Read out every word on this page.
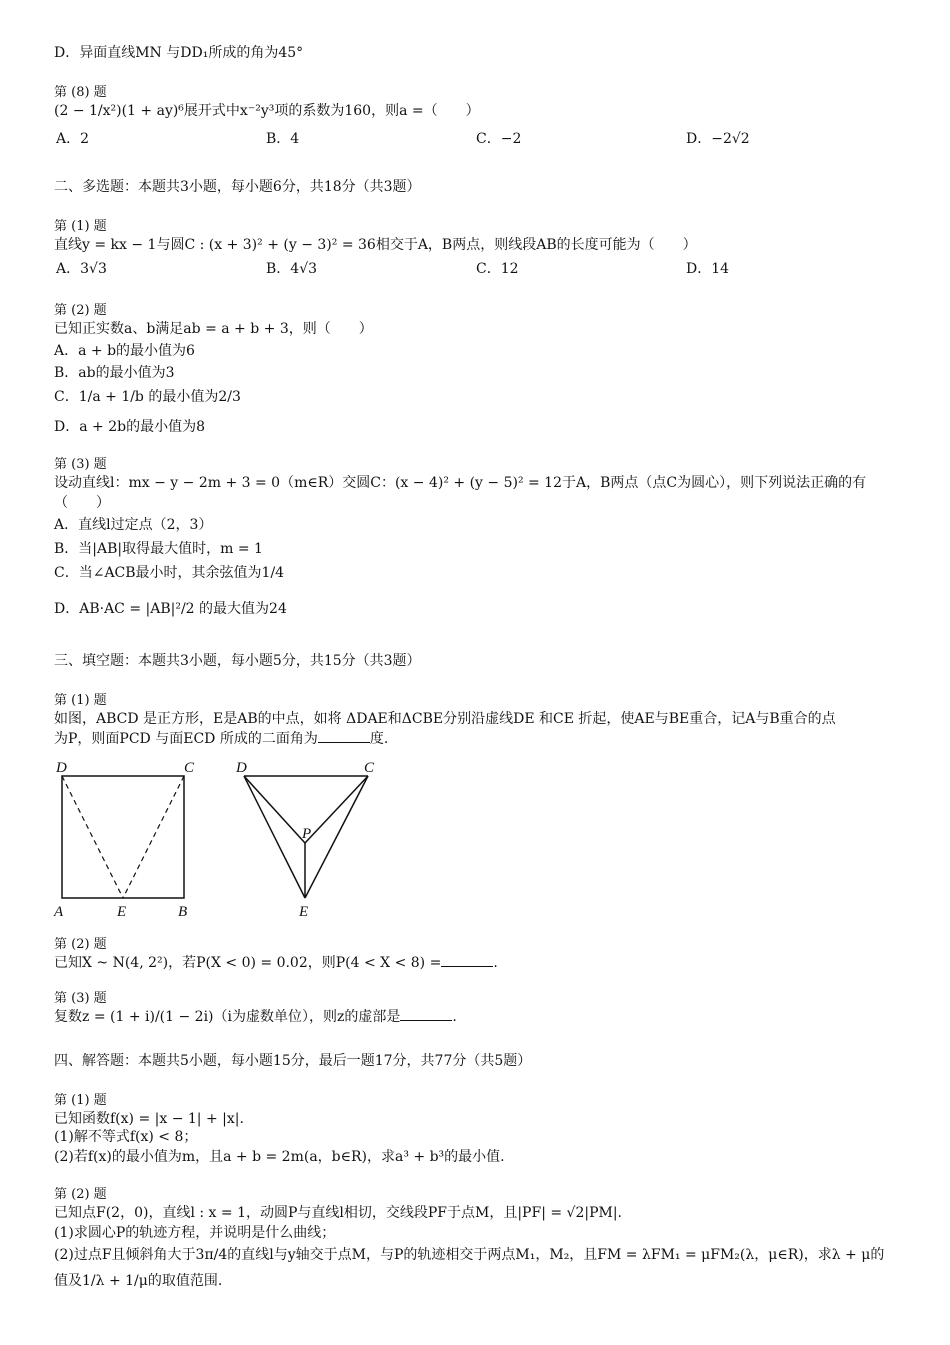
D．异面直线MN 与DD₁所成的角为45°
第 (8) 题
(2 − 1/x²)(1 + ay)⁶展开式中x⁻²y³项的系数为160，则a =（　　）
A．2	B．4	C．−2	D．−2√2
二、多选题：本题共3小题，每小题6分，共18分（共3题）
第 (1) 题
直线y = kx − 1与圆C : (x + 3)² + (y − 3)² = 36相交于A，B两点，则线段AB的长度可能为（　　）
A．3√3	B．4√3	C．12	D．14
第 (2) 题
已知正实数a、b满足ab = a + b + 3，则（　　）
A．a + b的最小值为6
B．ab的最小值为3
C．1/a + 1/b 的最小值为2/3
D．a + 2b的最小值为8
第 (3) 题
设动直线l：mx − y − 2m + 3 = 0（m∈R）交圆C：(x − 4)² + (y − 5)² = 12于A，B两点（点C为圆心），则下列说法正确的有
（　　）
A．直线l过定点（2，3）
B．当|AB|取得最大值时，m = 1
C．当∠ACB最小时，其余弦值为1/4
D．AB·AC = |AB|²/2 的最大值为24
三、填空题：本题共3小题，每小题5分，共15分（共3题）
第 (1) 题
如图，ABCD 是正方形，E是AB的中点，如将 ΔDAE和ΔCBE分别沿虚线DE 和CE 折起，使AE与BE重合，记A与B重合的点
为P，则面PCD 与面ECD 所成的二面角为	度.
D	C
A	E	B
D	C
P
E
第 (2) 题
已知X ~ N(4, 2²)，若P(X < 0) = 0.02，则P(4 < X < 8) =	.
第 (3) 题
复数z = (1 + i)/(1 − 2i)（i为虚数单位），则z的虚部是	.
四、解答题：本题共5小题，每小题15分，最后一题17分，共77分（共5题）
第 (1) 题
已知函数f(x) = |x − 1| + |x|.
(1)解不等式f(x) < 8；
(2)若f(x)的最小值为m，且a + b = 2m(a，b∈R)，求a³ + b³的最小值.
第 (2) 题
已知点F(2，0)，直线l : x = 1，动圆P与直线l相切，交线段PF于点M，且|PF| = √2|PM|.
(1)求圆心P的轨迹方程，并说明是什么曲线；
(2)过点F且倾斜角大于3π/4的直线l与y轴交于点M，与P的轨迹相交于两点M₁，M₂，且FM = λFM₁ = μFM₂(λ，μ∈R)，求λ + μ的
值及1/λ + 1/μ的取值范围.
